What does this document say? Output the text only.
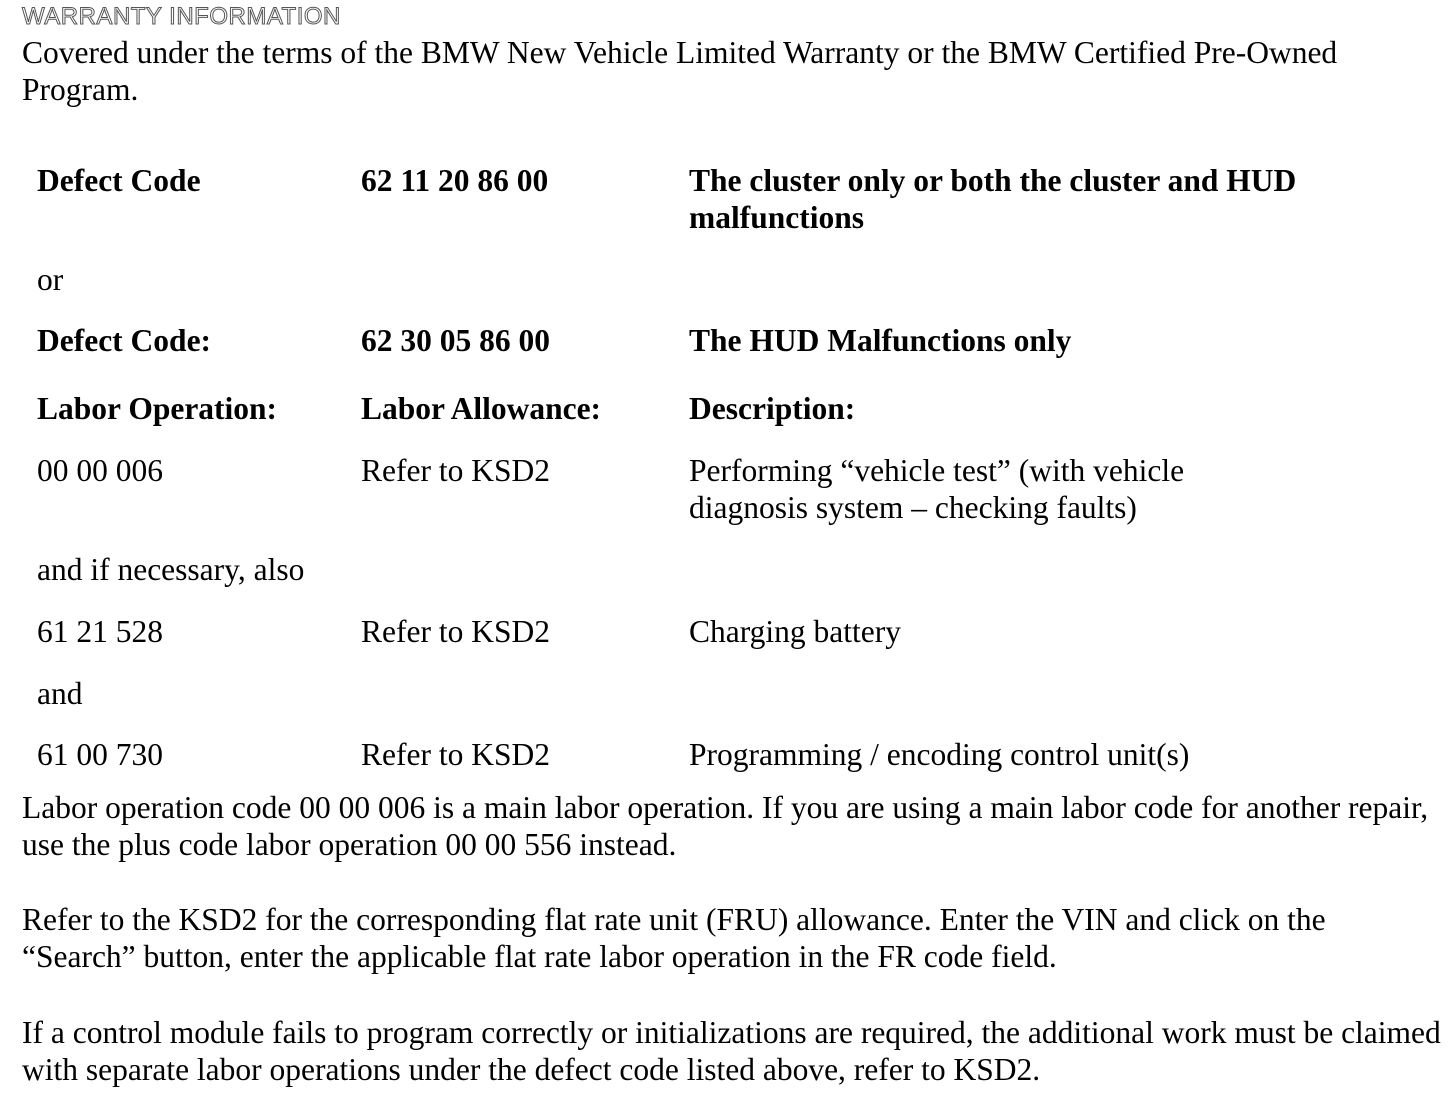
WARRANTY INFORMATION
Covered under the terms of the BMW New Vehicle Limited Warranty or the BMW Certified Pre-Owned Program.
Defect Code	62 11 20 86 00	The cluster only or both the cluster and HUD malfunctions
or
Defect Code:	62 30 05 86 00	The HUD Malfunctions only
Labor Operation:	Labor Allowance:	Description:
00 00 006	Refer to KSD2	Performing “vehicle test” (with vehicle diagnosis system – checking faults)
and if necessary, also
61 21 528	Refer to KSD2	Charging battery
and
61 00 730	Refer to KSD2	Programming / encoding control unit(s)
Labor operation code 00 00 006 is a main labor operation. If you are using a main labor code for another repair, use the plus code labor operation 00 00 556 instead.
Refer to the KSD2 for the corresponding flat rate unit (FRU) allowance. Enter the VIN and click on the “Search” button, enter the applicable flat rate labor operation in the FR code field.
If a control module fails to program correctly or initializations are required, the additional work must be claimed with separate labor operations under the defect code listed above, refer to KSD2.
